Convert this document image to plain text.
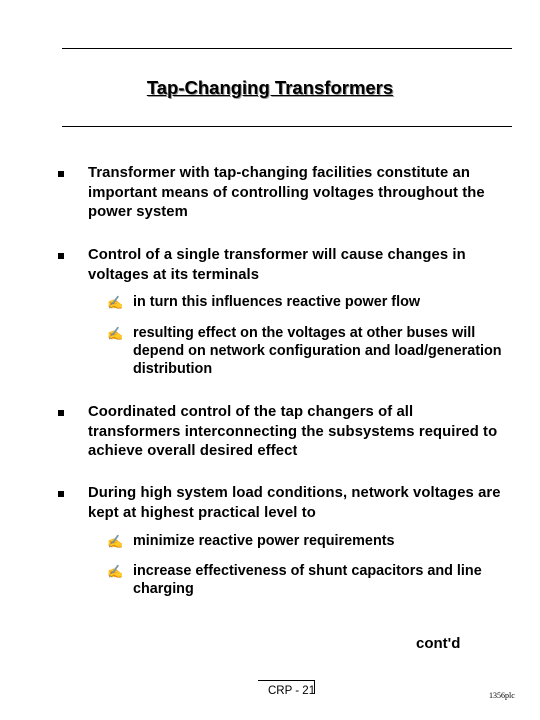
Tap-Changing Transformers
Transformer with tap-changing facilities constitute an important means of controlling voltages throughout the power system
Control of a single transformer will cause changes in voltages at its terminals
✍ in turn this influences reactive power flow
✍ resulting effect on the voltages at other buses will depend on network configuration and load/generation distribution
Coordinated control of the tap changers of all transformers interconnecting the subsystems required to achieve overall desired effect
During high system load conditions, network voltages are kept at highest practical level to
✍ minimize reactive power requirements
✍ increase effectiveness of shunt capacitors and line charging
cont'd
CRP - 21	1356plc
